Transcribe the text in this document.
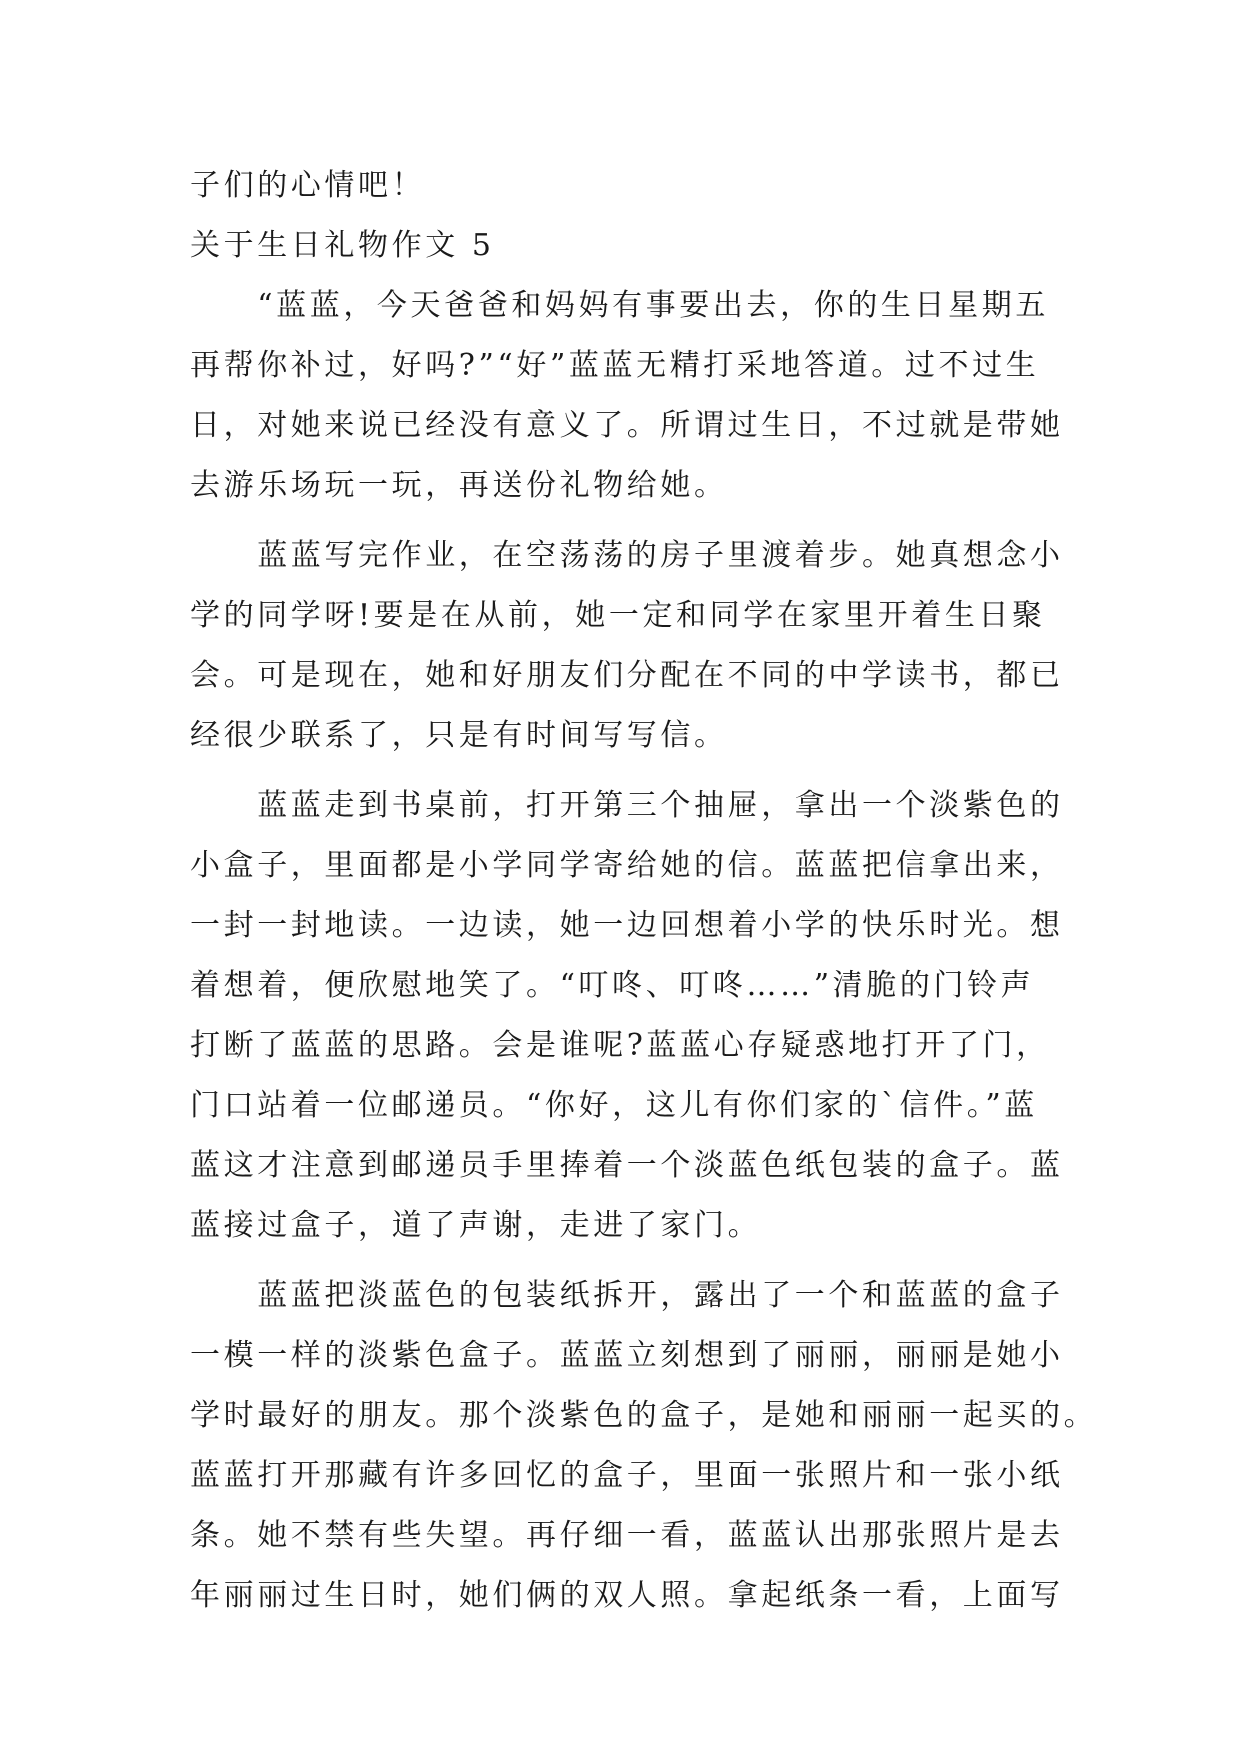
子们的心情吧！
关于生日礼物作文 5
　　“蓝蓝，今天爸爸和妈妈有事要出去，你的生日星期五
再帮你补过，好吗?”“好”蓝蓝无精打采地答道。过不过生
日，对她来说已经没有意义了。所谓过生日，不过就是带她
去游乐场玩一玩，再送份礼物给她。
　　蓝蓝写完作业，在空荡荡的房子里渡着步。她真想念小
学的同学呀!要是在从前，她一定和同学在家里开着生日聚
会。可是现在，她和好朋友们分配在不同的中学读书，都已
经很少联系了，只是有时间写写信。
　　蓝蓝走到书桌前，打开第三个抽屉，拿出一个淡紫色的
小盒子，里面都是小学同学寄给她的信。蓝蓝把信拿出来，
一封一封地读。一边读，她一边回想着小学的快乐时光。想
着想着，便欣慰地笑了。“叮咚、叮咚……”清脆的门铃声
打断了蓝蓝的思路。会是谁呢?蓝蓝心存疑惑地打开了门，
门口站着一位邮递员。“你好，这儿有你们家的`信件。”蓝
蓝这才注意到邮递员手里捧着一个淡蓝色纸包装的盒子。蓝
蓝接过盒子，道了声谢，走进了家门。
　　蓝蓝把淡蓝色的包装纸拆开，露出了一个和蓝蓝的盒子
一模一样的淡紫色盒子。蓝蓝立刻想到了丽丽，丽丽是她小
学时最好的朋友。那个淡紫色的盒子，是她和丽丽一起买的。
蓝蓝打开那藏有许多回忆的盒子，里面一张照片和一张小纸
条。她不禁有些失望。再仔细一看，蓝蓝认出那张照片是去
年丽丽过生日时，她们俩的双人照。拿起纸条一看，上面写
